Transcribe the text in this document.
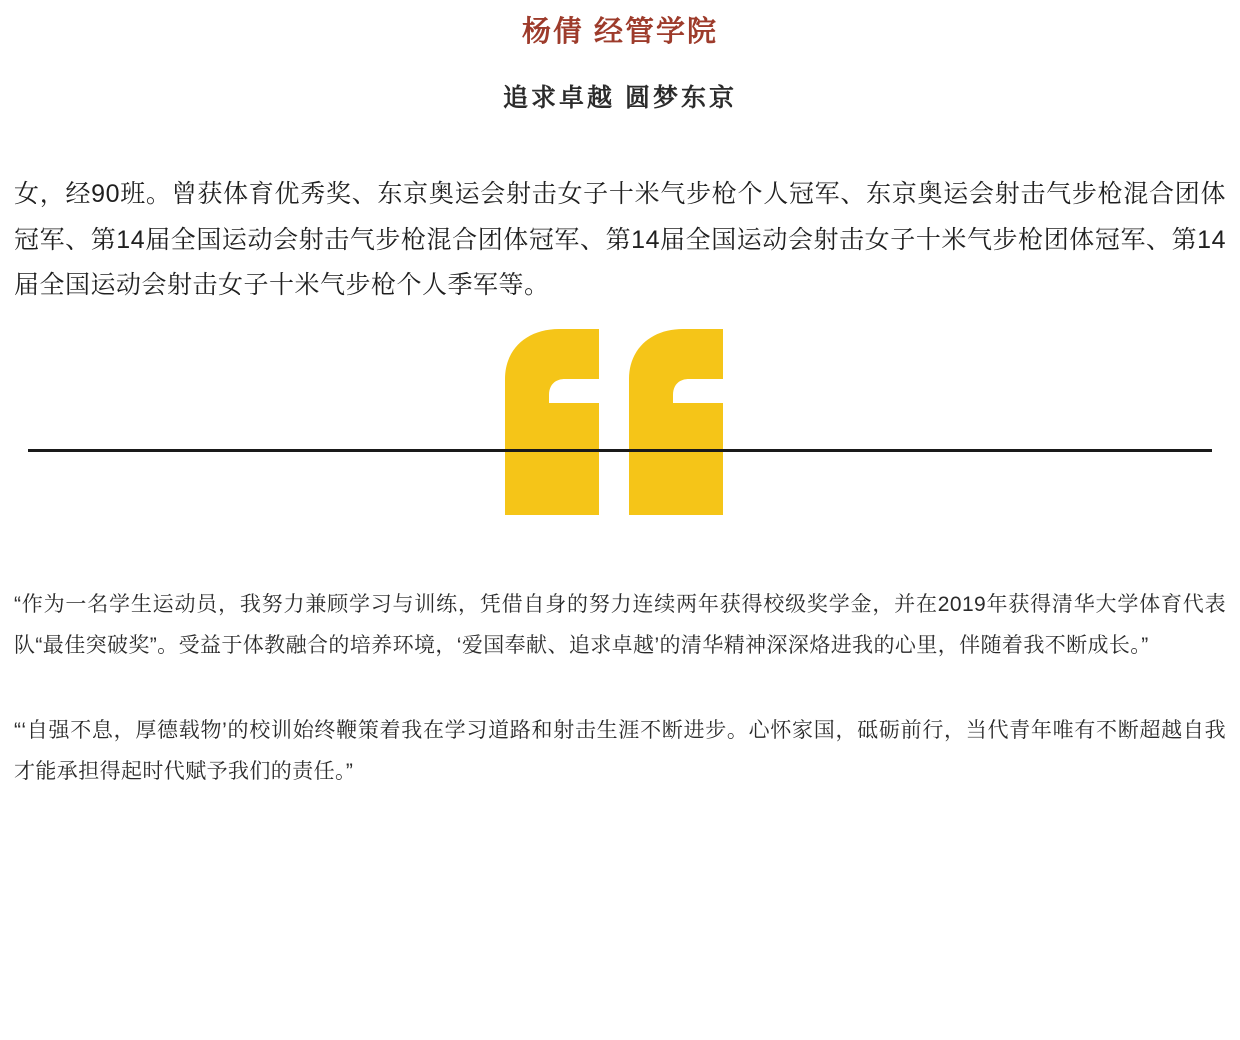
杨倩 经管学院
追求卓越 圆梦东京
女，经90班。曾获体育优秀奖、东京奥运会射击女子十米气步枪个人冠军、东京奥运会射击气步枪混合团体冠军、第14届全国运动会射击气步枪混合团体冠军、第14届全国运动会射击女子十米气步枪团体冠军、第14届全国运动会射击女子十米气步枪个人季军等。
“作为一名学生运动员，我努力兼顾学习与训练，凭借自身的努力连续两年获得校级奖学金，并在2019年获得清华大学体育代表队“最佳突破奖”。受益于体教融合的培养环境，‘爱国奉献、追求卓越’的清华精神深深烙进我的心里，伴随着我不断成长。”
“‘自强不息，厚德载物’的校训始终鞭策着我在学习道路和射击生涯不断进步。心怀家国，砥砺前行，当代青年唯有不断超越自我才能承担得起时代赋予我们的责任。”
